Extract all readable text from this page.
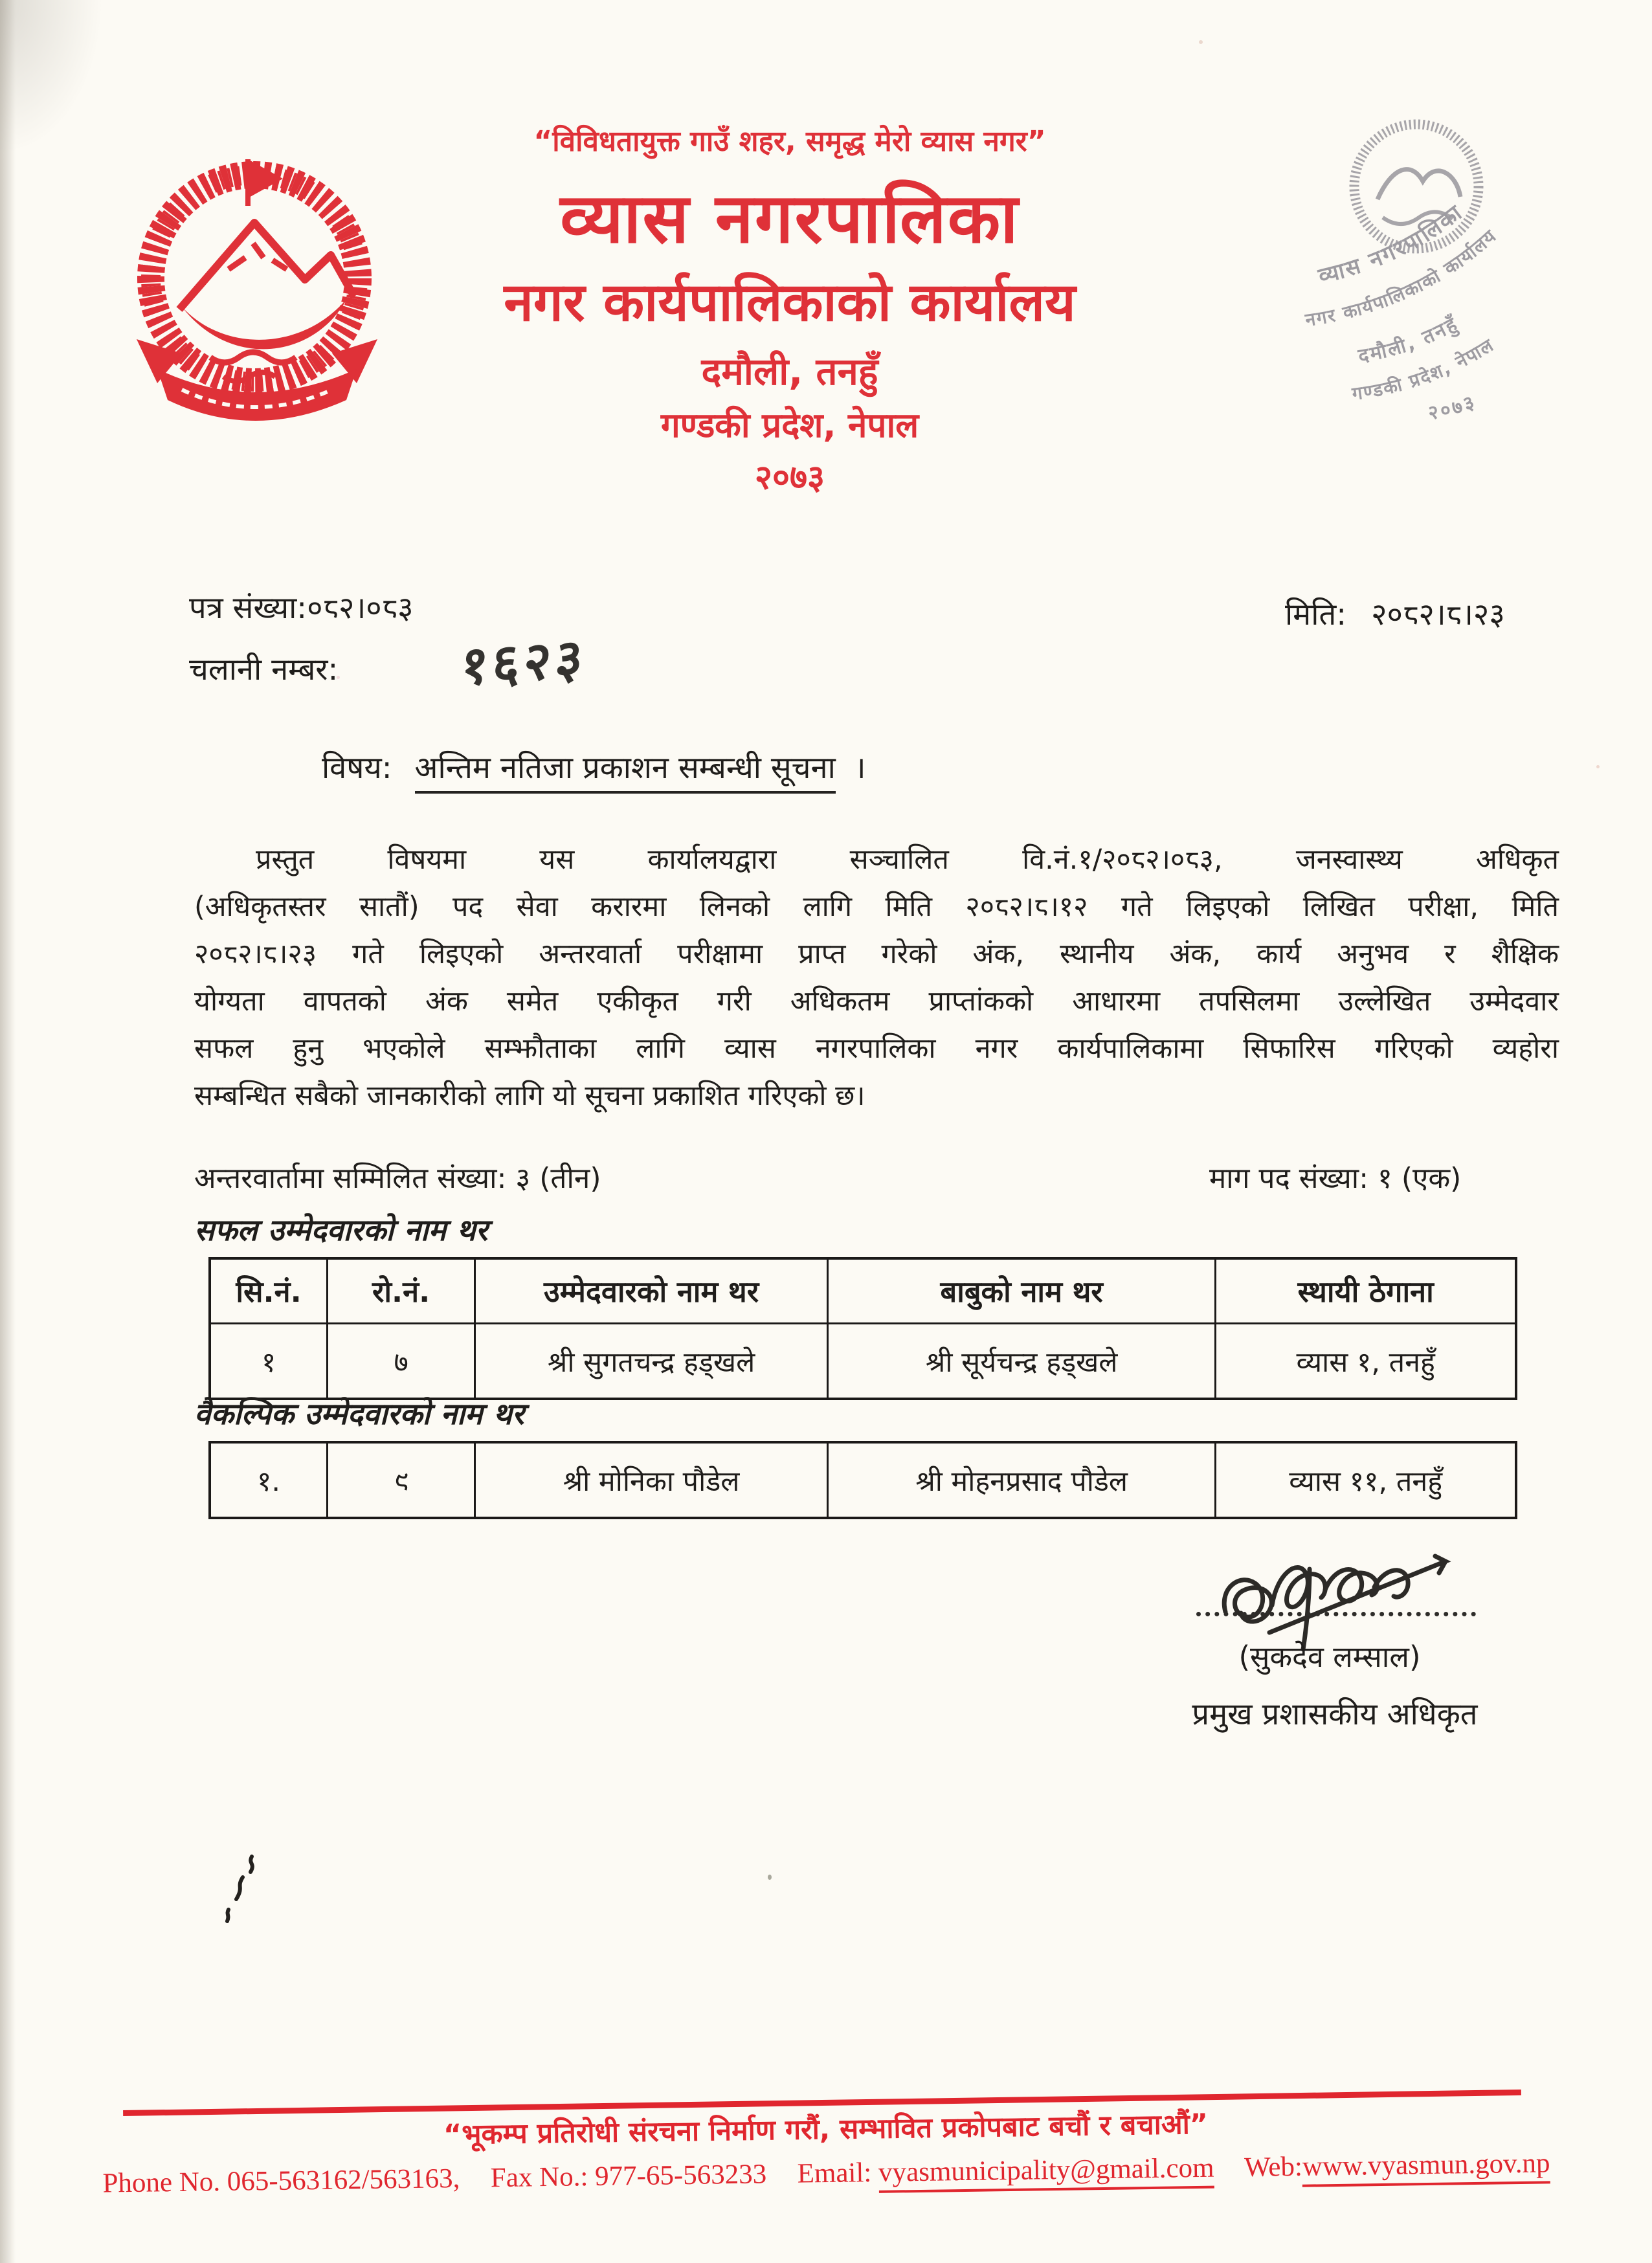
“विविधतायुक्त गाउँ शहर, समृद्ध मेरो व्यास नगर”
व्यास नगरपालिका
नगर कार्यपालिकाको कार्यालय
दमौली, तनहुँ
गण्डकी प्रदेश, नेपाल
२०७३
व्यास नगरपालिका
नगर कार्यपालिकाको कार्यालय
दमौली, तनहुँ
गण्डकी प्रदेश, नेपाल
२०७३
पत्र संख्या:०८२।०८३	मिति: २०८२।८।२३
चलानी नम्बर: १६२३
विषय: अन्तिम नतिजा प्रकाशन सम्बन्धी सूचना ।
प्रस्तुत विषयमा यस कार्यालयद्वारा सञ्चालित वि.नं.१/२०८२।०८३, जनस्वास्थ्य अधिकृत
(अधिकृतस्तर सातौं) पद सेवा करारमा लिनको लागि मिति २०८२।८।१२ गते लिइएको लिखित परीक्षा, मिति
२०८२।८।२३ गते लिइएको अन्तरवार्ता परीक्षामा प्राप्त गरेको अंक, स्थानीय अंक, कार्य अनुभव र शैक्षिक
योग्यता वापतको अंक समेत एकीकृत गरी अधिकतम प्राप्तांकको आधारमा तपसिलमा उल्लेखित उम्मेदवार
सफल हुनु भएकोले सम्झौताका लागि व्यास नगरपालिका नगर कार्यपालिकामा सिफारिस गरिएको व्यहोरा
सम्बन्धित सबैको जानकारीको लागि यो सूचना प्रकाशित गरिएको छ।
अन्तरवार्तामा सम्मिलित संख्या: ३ (तीन)	माग पद संख्या: १ (एक)
सफल उम्मेदवारको नाम थर
सि.नं.	रो.नं.	उम्मेदवारको नाम थर	बाबुको नाम थर	स्थायी ठेगाना
१	७	श्री सुगतचन्द्र हड्खले	श्री सूर्यचन्द्र हड्खले	व्यास १, तनहुँ
वैकल्पिक उम्मेदवारको नाम थर
१.	९	श्री मोनिका पौडेल	श्री मोहनप्रसाद पौडेल	व्यास ११, तनहुँ
(सुकदेव लम्साल)
प्रमुख प्रशासकीय अधिकृत
“भूकम्प प्रतिरोधी संरचना निर्माण गरौं, सम्भावित प्रकोपबाट बचौं र बचाऔं”
Phone No. 065-563162/563163, Fax No.: 977-65-563233 Email: vyasmunicipality@gmail.com Web:www.vyasmun.gov.np
